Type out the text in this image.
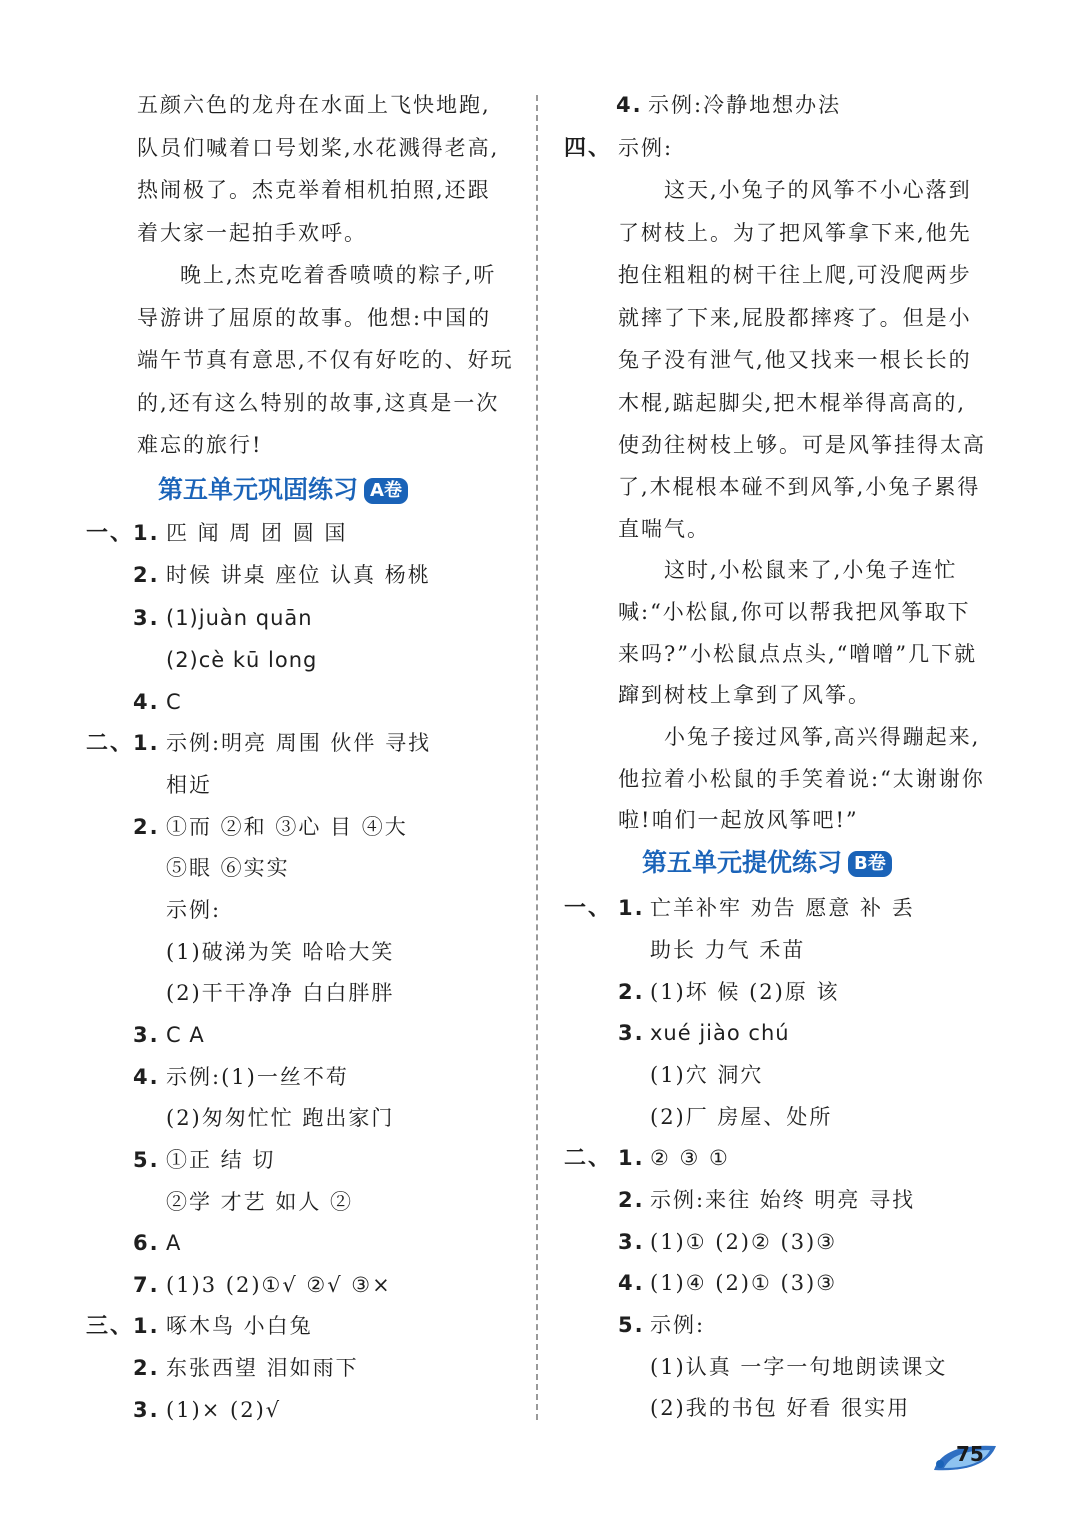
五颜六色的龙舟在水面上飞快地跑,
队员们喊着口号划桨,水花溅得老高,
热闹极了。杰克举着相机拍照,还跟
着大家一起拍手欢呼。
晚上,杰克吃着香喷喷的粽子,听
导游讲了屈原的故事。他想:中国的
端午节真有意思,不仅有好吃的、好玩
的,还有这么特别的故事,这真是一次
难忘的旅行!
第五单元巩固练习 A卷
一、
1. 匹 闻 周 团 圆 国
2. 时候 讲桌 座位 认真 杨桃
3. (1)juàn quān
(2)cè kū long
4. C
二、
1. 示例:明亮 周围 伙伴 寻找
相近
2. ①而 ②和 ③心 目 ④大
⑤眼 ⑥实实
示例:
(1)破涕为笑 哈哈大笑
(2)干干净净 白白胖胖
3. C A
4. 示例:(1)一丝不苟
(2)匆匆忙忙 跑出家门
5. ①正 结 切
②学 才艺 如人 ②
6. A
7. (1)3 (2)①√ ②√ ③×
三、
1. 啄木鸟 小白兔
2. 东张西望 泪如雨下
3. (1)× (2)√
4. 示例:冷静地想办法
四、 示例:
这天,小兔子的风筝不小心落到
了树枝上。为了把风筝拿下来,他先
抱住粗粗的树干往上爬,可没爬两步
就摔了下来,屁股都摔疼了。但是小
兔子没有泄气,他又找来一根长长的
木棍,踮起脚尖,把木棍举得高高的,
使劲往树枝上够。可是风筝挂得太高
了,木棍根本碰不到风筝,小兔子累得
直喘气。
这时,小松鼠来了,小兔子连忙
喊:“小松鼠,你可以帮我把风筝取下
来吗?”小松鼠点点头,“噌噌”几下就
蹿到树枝上拿到了风筝。
小兔子接过风筝,高兴得蹦起来,
他拉着小松鼠的手笑着说:“太谢谢你
啦!咱们一起放风筝吧!”
第五单元提优练习 B卷
一、 1. 亡羊补牢 劝告 愿意 补 丢
助长 力气 禾苗
2. (1)坏 候 (2)原 该
3. xué jiào chú
(1)穴 洞穴
(2)厂 房屋、处所
二、 1. ② ③ ①
2. 示例:来往 始终 明亮 寻找
3. (1)① (2)② (3)③
4. (1)④ (2)① (3)③
5. 示例:
(1)认真 一字一句地朗读课文
(2)我的书包 好看 很实用
75
